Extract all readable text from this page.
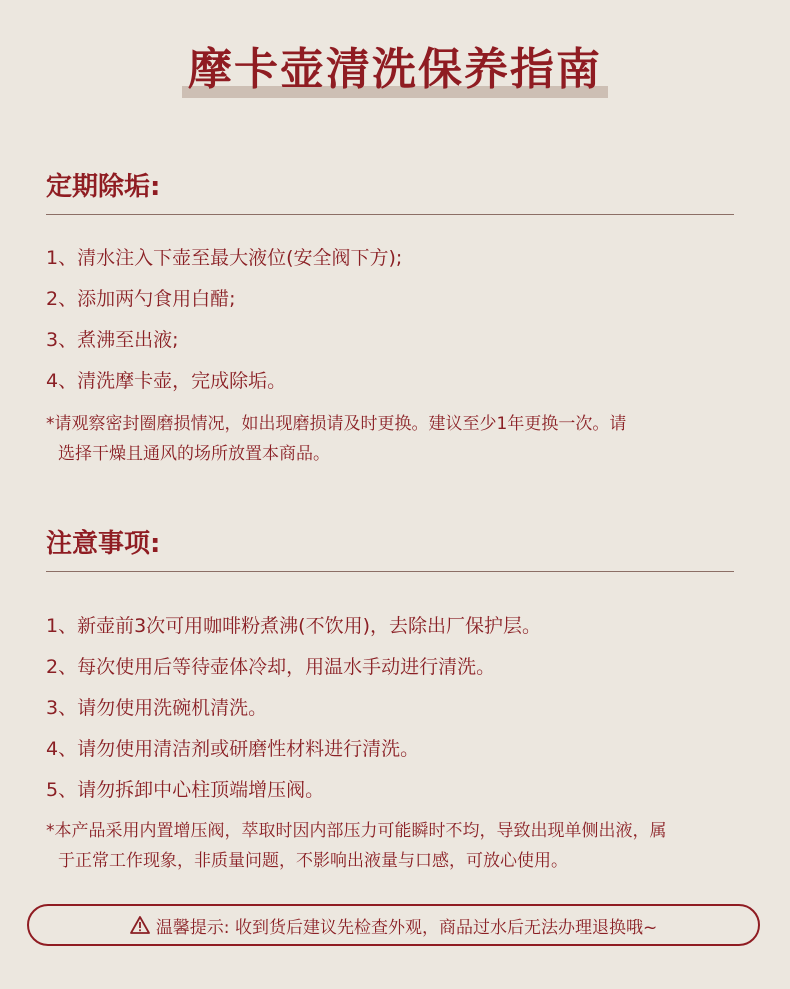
摩卡壶清洗保养指南
定期除垢:
1、清水注入下壶至最大液位(安全阀下方);
2、添加两勺食用白醋;
3、煮沸至出液;
4、清洗摩卡壶，完成除垢。
*请观察密封圈磨损情况，如出现磨损请及时更换。建议至少1年更换一次。请
选择干燥且通风的场所放置本商品。
注意事项:
1、新壶前3次可用咖啡粉煮沸(不饮用)，去除出厂保护层。
2、每次使用后等待壶体冷却，用温水手动进行清洗。
3、请勿使用洗碗机清洗。
4、请勿使用清洁剂或研磨性材料进行清洗。
5、请勿拆卸中心柱顶端增压阀。
*本产品采用内置增压阀，萃取时因内部压力可能瞬时不均，导致出现单侧出液，属
于正常工作现象，非质量问题，不影响出液量与口感，可放心使用。
温馨提示: 收到货后建议先检查外观，商品过水后无法办理退换哦~
